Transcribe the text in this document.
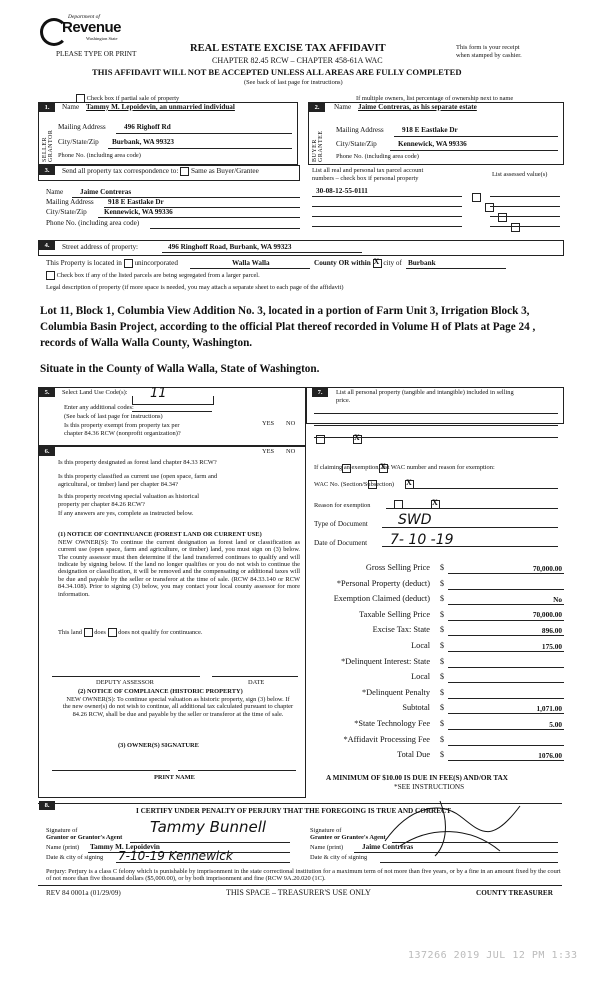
Department of
Revenue
Washington State
PLEASE TYPE OR PRINT	REAL ESTATE EXCISE TAX AFFIDAVIT
CHAPTER 82.45 RCW – CHAPTER 458-61A WAC
THIS AFFIDAVIT WILL NOT BE ACCEPTED UNLESS ALL AREAS ARE FULLY COMPLETED
(See back of last page for instructions)
This form is your receipt
when stamped by cashier.
Check box if partial sale of property	If multiple owners, list percentage of ownership next to name
1.	Name Tammy M. Lepoidevin, an unmarried individual
SELLER GRANTOR
Mailing Address	496 Righoff Rd
City/State/Zip Burbank, WA 99323
Phone No. (including area code)
2.	Name Jaime Contreras, as his separate estate
BUYER GRANTEE
Mailing Address	918 E Eastlake Dr
City/State/Zip	Kennewick, WA 99336
Phone No. (including area code)
3.	Send all property tax correspondence to: Same as Buyer/Grantee	List all real and personal tax parcel account
numbers – check box if personal property
List assessed value(s)
Name Jaime Contreras
Mailing Address 918 E Eastlake Dr
City/State/Zip Kennewick, WA 99336
Phone No. (including area code)
30-08-12-55-0111

4.	Street address of property:	496 Ringhoff Road, Burbank, WA 99323
This Property is located in unincorporated	Walla Walla	County OR within X city of Burbank
Check box if any of the listed parcels are being segregated from a larger parcel.
Legal description of property (if more space is needed, you may attach a separate sheet to each page of the affidavit)
Lot 11, Block 1, Columbia View Addition No. 3, located in a portion of Farm Unit 3, Irrigation Block 3, Columbia Basin Project, according to the official Plat thereof recorded in Volume H of Plats at Page 24 , records of Walla Walla County, Washington.
Situate in the County of Walla Walla, State of Washington.
5.	Select Land Use Code(s): 11
Enter any additional codes:
(See back of last page for instructions)
Is this property exempt from property tax per
chapter 84.36 RCW (nonprofit organization)?
YES NO
X
6.	YES NO
Is this property designated as forest land chapter 84.33 RCW?
X
Is this property classified as current use (open space, farm and
agricultural, or timber) land per chapter 84.34?
X
Is this property receiving special valuation as historical
property per chapter 84.26 RCW?
X
If any answers are yes, complete as instructed below.
(1) NOTICE OF CONTINUANCE (FOREST LAND OR CURRENT USE)
NEW OWNER(S): To continue the current designation as forest land or classification as current use (open space, farm and agriculture, or timber) land, you must sign on (3) below. The county assessor must then determine if the land transferred continues to qualify and will indicate by signing below. If the land no longer qualifies or you do not wish to continue the designation or classification, it will be removed and the compensating or additional taxes will be due and payable by the seller or transferor at the time of sale. (RCW 84.33.140 or RCW 84.34.108). Prior to signing (3) below, you may contact your local county assessor for more information.
This land does does not qualify for continuance.
DEPUTY ASSESSOR	DATE
(2) NOTICE OF COMPLIANCE (HISTORIC PROPERTY)
NEW OWNER(S): To continue special valuation as historic property, sign (3) below. If the new owner(s) do not wish to continue, all additional tax calculated pursuant to chapter 84.26 RCW, shall be due and payable by the seller or transferor at the time of sale.
(3) OWNER(S) SIGNATURE
PRINT NAME
7.	List all personal property (tangible and intangible) included in selling
price.
If claiming an exemption, list WAC number and reason for exemption:
WAC No. (Section/Subsection)
Reason for exemption
Type of Document SWD
Date of Document 7- 10 -19
Gross Selling Price $	70,000.00
*Personal Property (deduct) $
Exemption Claimed (deduct) $	No
Taxable Selling Price $	70,000.00
Excise Tax: State $	896.00
Local $	175.00
*Delinquent Interest: State $
Local $
*Delinquent Penalty $
Subtotal $	1,071.00
*State Technology Fee $	5.00
*Affidavit Processing Fee $
Total Due $	1076.00
A MINIMUM OF $10.00 IS DUE IN FEE(S) AND/OR TAX
*SEE INSTRUCTIONS
8.
I CERTIFY UNDER PENALTY OF PERJURY THAT THE FOREGOING IS TRUE AND CORRECT
Signature of
Grantor or Grantor's Agent
Tammy Bunnell
Name (print) Tammy M. Lepoidevin
Date & city of signing 7-10-19 Kennewick
Signature of
Grantee or Grantee's Agent
Name (print)	Jaime Contreras
Date & city of signing
Perjury: Perjury is a class C felony which is punishable by imprisonment in the state correctional institution for a maximum term of not more than five years, or by a fine in an amount fixed by the court of not more than five thousand dollars ($5,000.00), or by both imprisonment and fine (RCW 9A.20.020 (1C).
REV 84 0001a (01/29/09)	THIS SPACE – TREASURER'S USE ONLY	COUNTY TREASURER
137266 2019 JUL 12 PM 1:33
